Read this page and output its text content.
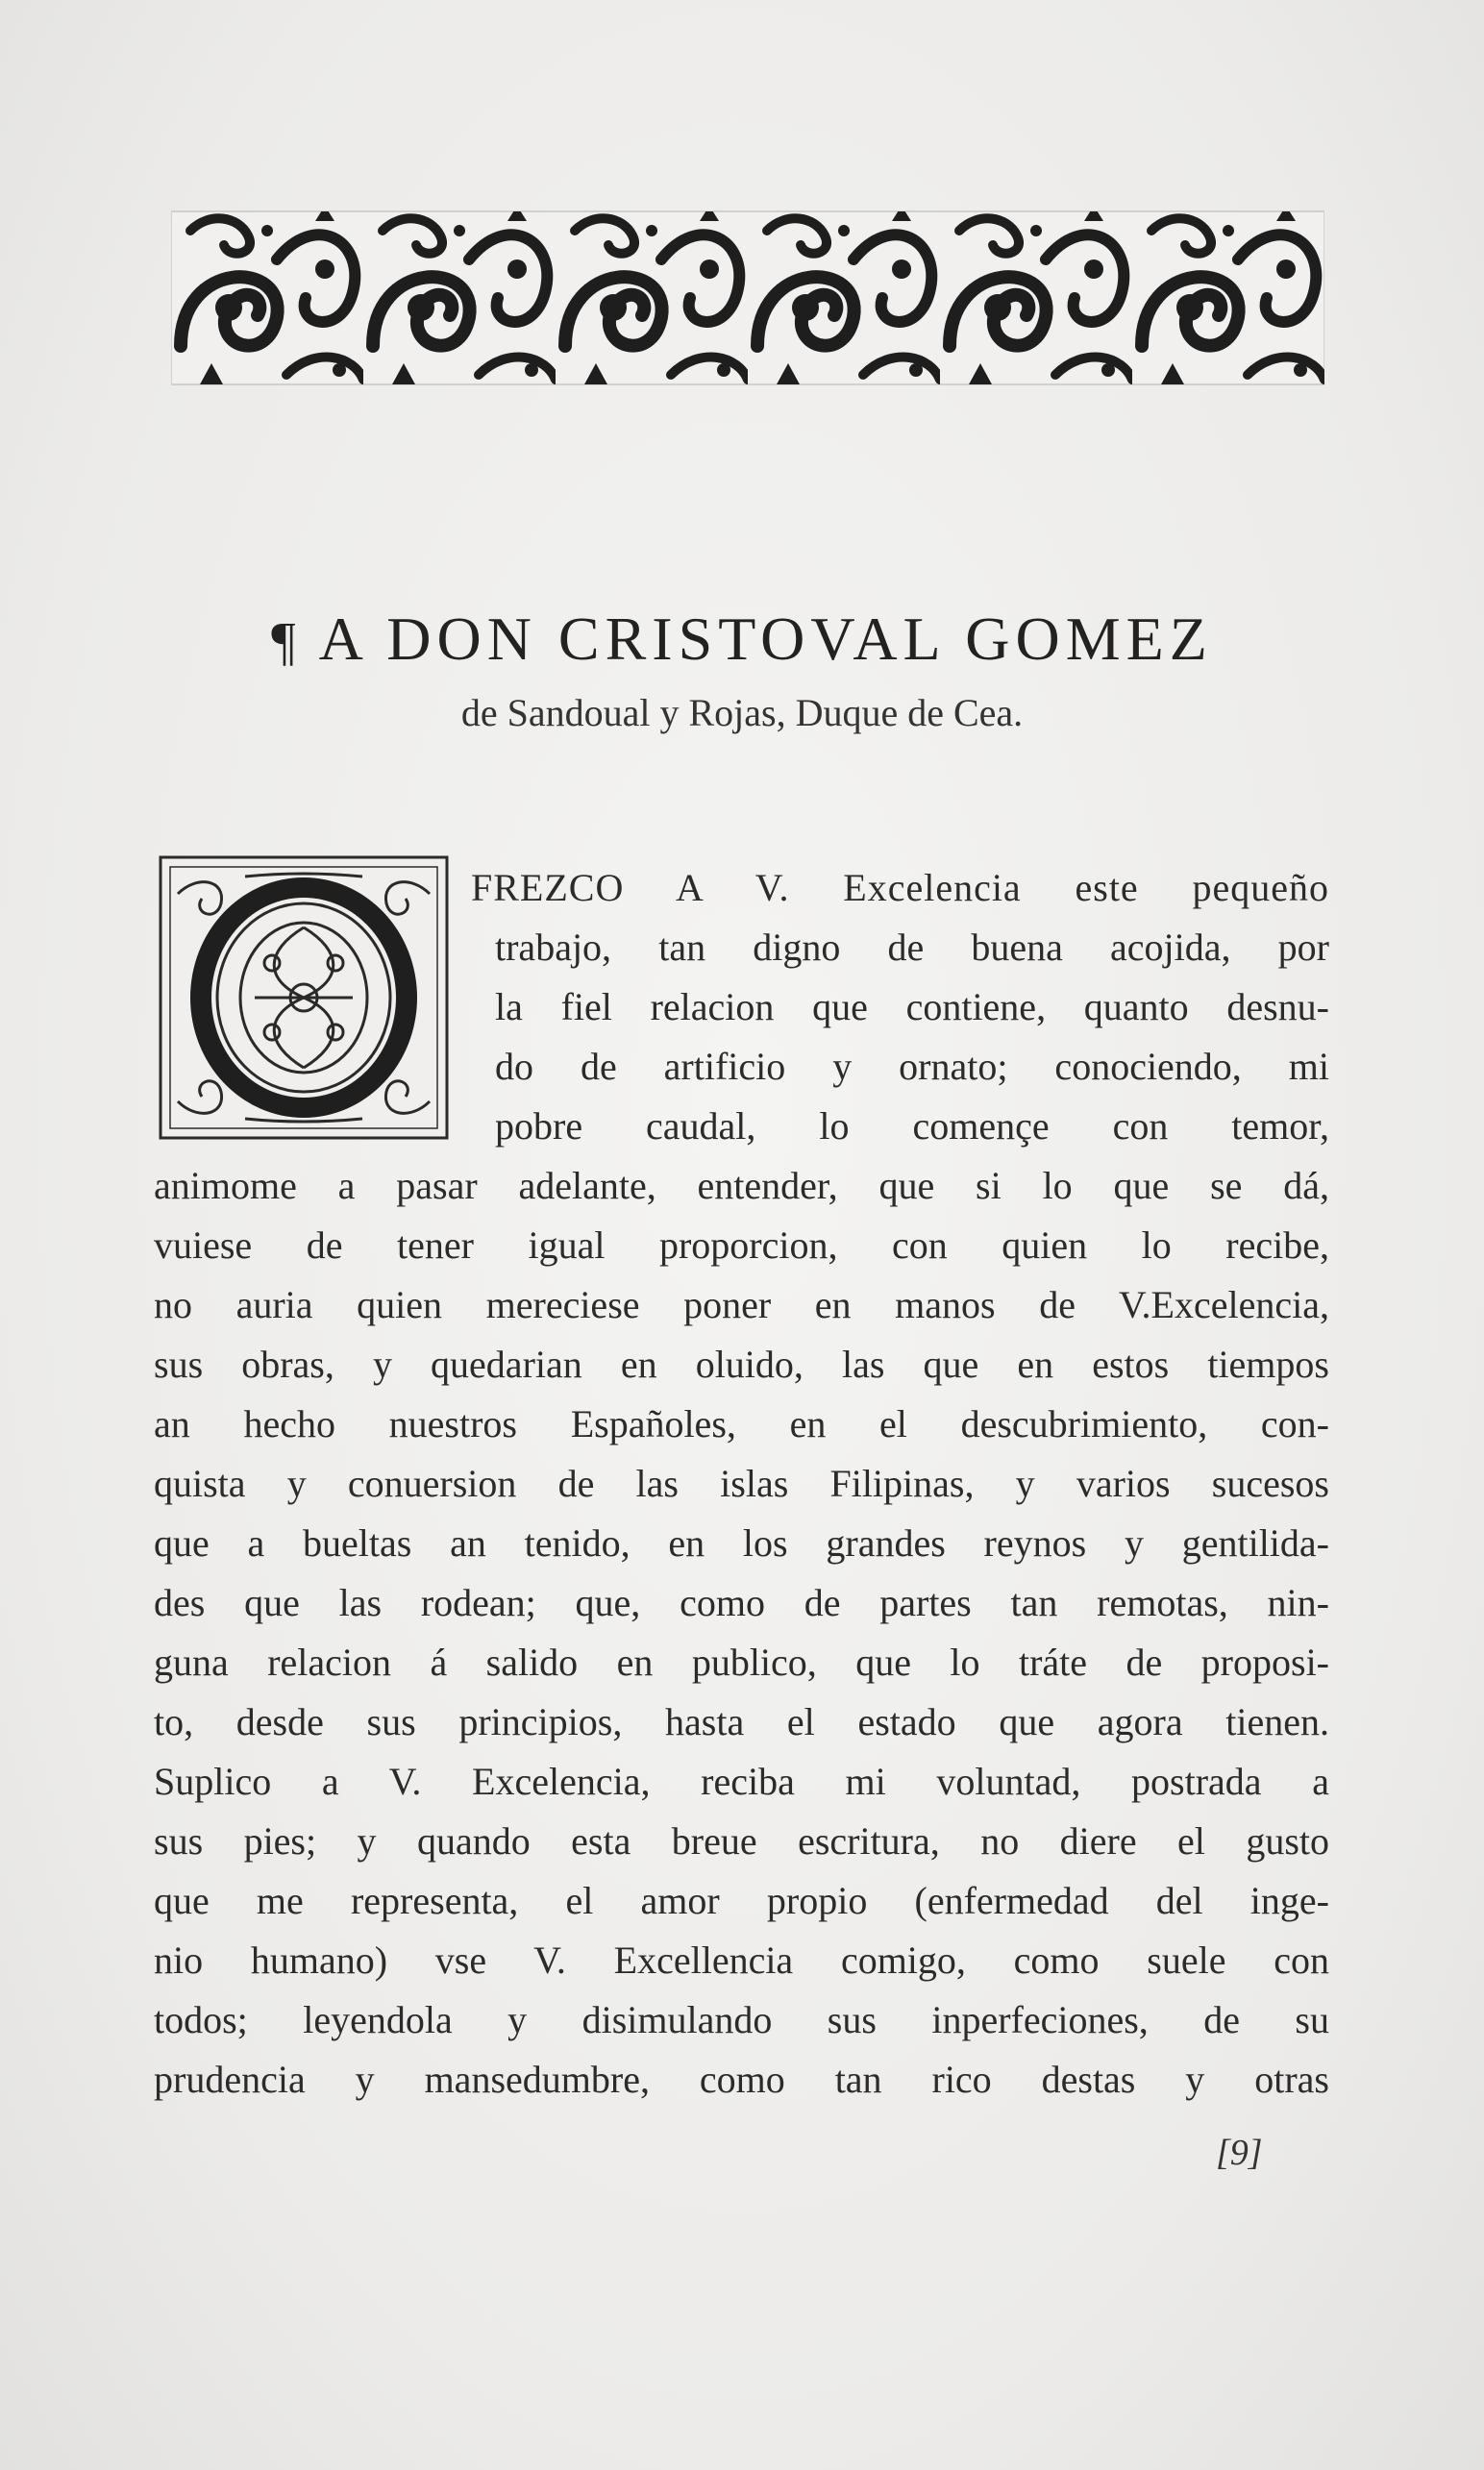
¶ A DON CRISTOVAL GOMEZ
de Sandoual y Rojas, Duque de Cea.
FREZCO A V. Excelencia este pequeño
trabajo, tan digno de buena acojida, por
la fiel relacion que contiene, quanto desnu-
do de artificio y ornato; conociendo, mi
pobre caudal, lo començe con temor,
animome a pasar adelante, entender, que si lo que se dá,
vuiese de tener igual proporcion, con quien lo recibe,
no auria quien mereciese poner en manos de V.Excelencia,
sus obras, y quedarian en oluido, las que en estos tiempos
an hecho nuestros Españoles, en el descubrimiento, con-
quista y conuersion de las islas Filipinas, y varios sucesos
que a bueltas an tenido, en los grandes reynos y gentilida-
des que las rodean; que, como de partes tan remotas, nin-
guna relacion á salido en publico, que lo tráte de proposi-
to, desde sus principios, hasta el estado que agora tienen.
Suplico a V. Excelencia, reciba mi voluntad, postrada a
sus pies; y quando esta breue escritura, no diere el gusto
que me representa, el amor propio (enfermedad del inge-
nio humano) vse V. Excellencia comigo, como suele con
todos; leyendola y disimulando sus inperfeciones, de su
prudencia y mansedumbre, como tan rico destas y otras
[9]
